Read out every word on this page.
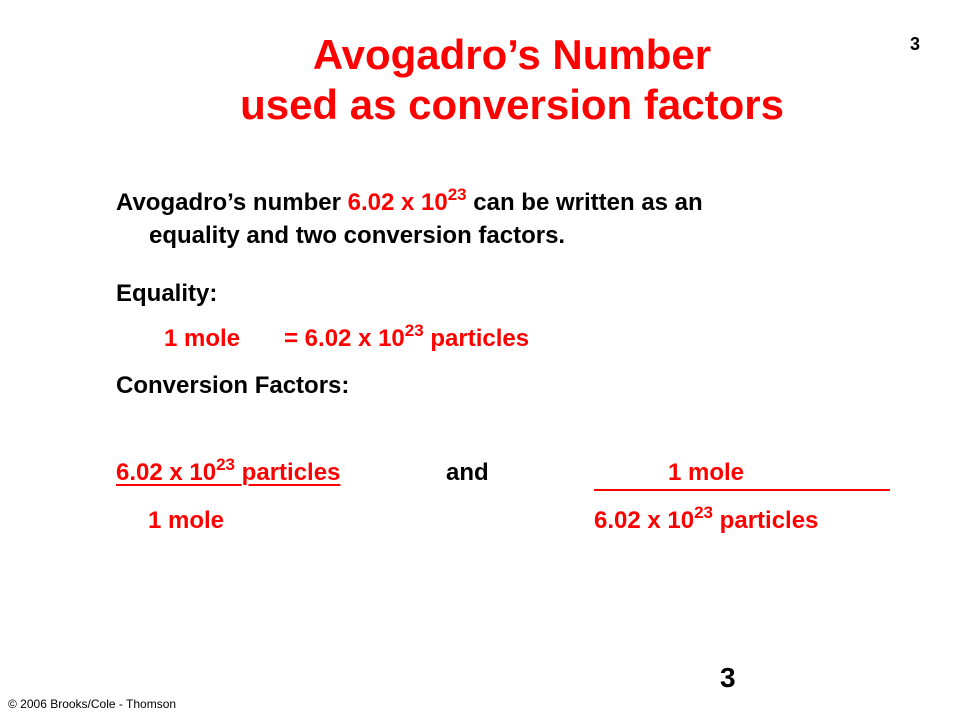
3
Avogadro’s Number
used as conversion factors
Avogadro’s number 6.02 x $10^{23}$ can be written as an
equality and two conversion factors.
Equality:
1 mole = 6.02 x $10^{23}$ particles
Conversion Factors:
6.02 x $10^{23}$ particles	and	1 mole
1 mole	6.02 x $10^{23}$ particles
3
© 2006 Brooks/Cole - Thomson
